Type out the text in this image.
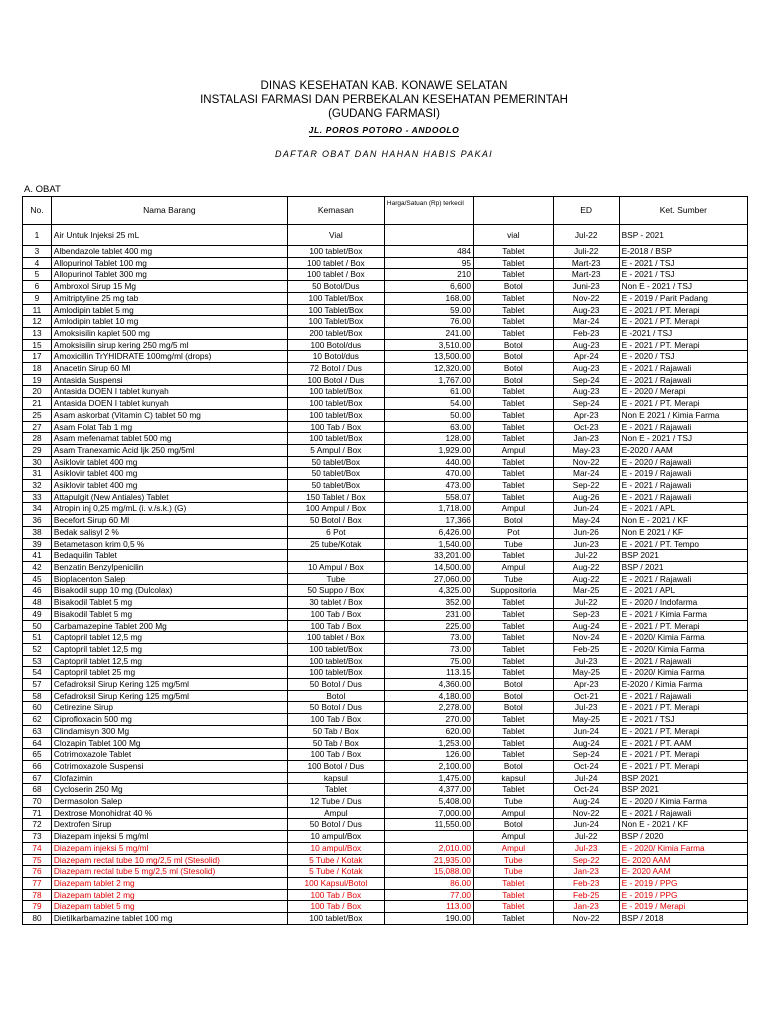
DINAS KESEHATAN KAB. KONAWE SELATAN
INSTALASI FARMASI DAN PERBEKALAN KESEHATAN PEMERINTAH
(GUDANG FARMASI)
JL. POROS POTORO - ANDOOLO
DAFTAR OBAT DAN HAHAN HABIS PAKAI
A. OBAT
No.	Nama Barang	Kemasan	Harga/Satuan (Rp) terkecil		ED	Ket. Sumber
1	Air Untuk Injeksi 25 mL	Vial		vial	Jul-22	BSP - 2021
3	Albendazole tablet 400 mg	100 tablet/Box	484	Tablet	Juli-22	E-2018 / BSP
4	Allopurinol Tablet 100 mg	100 tablet / Box	95	Tablet	Mart-23	E - 2021 / TSJ
5	Allopurinol Tablet 300 mg	100 tablet / Box	210	Tablet	Mart-23	E - 2021 / TSJ
6	Ambroxol Sirup 15 Mg	50 Botol/Dus	6,600	Botol	Juni-23	Non E - 2021 / TSJ
9	Amitriptyline 25 mg tab	100 Tablet/Box	168.00	Tablet	Nov-22	E - 2019 / Parit Padang
11	Amlodipin tablet 5 mg	100 Tablet/Box	59.00	Tablet	Aug-23	E - 2021 / PT. Merapi
12	Amlodipin tablet 10 mg	100 Tablet/Box	76.00	Tablet	Mar-24	E - 2021 / PT. Merapi
13	Amoksisilin kaplet 500 mg	200 tablet/Box	241.00	Tablet	Feb-23	E -2021 / TSJ
15	Amoksisilin sirup kering 250 mg/5 ml	100 Botol/dus	3,510.00	Botol	Aug-23	E - 2021 / PT. Merapi
17	Amoxicillin TrYHIDRATE 100mg/ml (drops)	10 Botol/dus	13,500.00	Botol	Apr-24	E - 2020 / TSJ
18	Anacetin Sirup 60 Ml	72 Botol / Dus	12,320.00	Botol	Aug-23	E - 2021 / Rajawali
19	Antasida Suspensi	100 Botol / Dus	1,767.00	Botol	Sep-24	E - 2021 / Rajawali
20	Antasida DOEN I tablet kunyah	100 tablet/Box	61.00	Tablet	Aug-23	E - 2020 / Merapi
21	Antasida DOEN I tablet kunyah	100 tablet/Box	54.00	Tablet	Sep-24	E - 2021 / PT. Merapi
25	Asam askorbat (Vitamin C) tablet 50 mg	100 tablet/Box	50.00	Tablet	Apr-23	Non E 2021 / Kimia Farma
27	Asam Folat Tab 1 mg	100 Tab / Box	63.00	Tablet	Oct-23	E - 2021 / Rajawali
28	Asam mefenamat tablet 500 mg	100 tablet/Box	128.00	Tablet	Jan-23	Non E - 2021 / TSJ
29	Asam Tranexamic Acid Ijk 250 mg/5ml	5 Ampul / Box	1,929.00	Ampul	May-23	E-2020 / AAM
30	Asiklovir tablet 400 mg	50 tablet/Box	440.00	Tablet	Nov-22	E - 2020 / Rajawali
31	Asiklovir tablet 400 mg	50 tablet/Box	470.00	Tablet	Mar-24	E - 2019 / Rajawali
32	Asiklovir tablet 400 mg	50 tablet/Box	473.00	Tablet	Sep-22	E - 2021 / Rajawali
33	Attapulgit (New Antiales) Tablet	150 Tablet / Box	558.07	Tablet	Aug-26	E - 2021 / Rajawali
34	Atropin inj 0,25 mg/mL (i. v./s.k.) (G)	100 Ampul / Box	1,718.00	Ampul	Jun-24	E - 2021 / APL
36	Becefort Sirup 60 Ml	50 Botol / Box	17,366	Botol	May-24	Non E - 2021 / KF
38	Bedak salisyl 2 %	6 Pot	6,426.00	Pot	Jun-26	Non E 2021 / KF
39	Betametason krim 0,5 %	25 tube/Kotak	1,540.00	Tube	Jun-23	E - 2021 / PT. Tempo
41	Bedaquilin Tablet		33,201.00	Tablet	Jul-22	BSP 2021
42	Benzatin Benzylpenicilin	10 Ampul / Box	14,500.00	Ampul	Aug-22	BSP / 2021
45	Bioplacenton Salep	Tube	27,060.00	Tube	Aug-22	E - 2021 / Rajawali
46	Bisakodil supp 10 mg (Dulcolax)	50 Suppo / Box	4,325.00	Suppositoria	Mar-25	E - 2021 / APL
48	Bisakodil Tablet 5 mg	30 tablet / Box	352.00	Tablet	Jul-22	E - 2020 / Indofarma
49	Bisakodil Tablet 5 mg	100 Tab / Box	231.00	Tablet	Sep-23	E - 2021 / Kimia Farma
50	Carbamazepine Tablet 200 Mg	100 Tab / Box	225.00	Tablet	Aug-24	E - 2021 / PT. Merapi
51	Captopril tablet 12,5 mg	100 tablet / Box	73.00	Tablet	Nov-24	E - 2020/ Kimia Farma
52	Captopril tablet 12,5 mg	100 tablet/Box	73.00	Tablet	Feb-25	E - 2020/ Kimia Farma
53	Captopril tablet 12,5 mg	100 tablet/Box	75.00	Tablet	Jul-23	E - 2021 / Rajawali
54	Captopril tablet 25 mg	100 tablet/Box	113.15	Tablet	May-25	E - 2020/ Kimia Farma
57	Cefadroksil Sirup Kering 125 mg/5ml	50 Botol / Dus	4,360.00	Botol	Apr-23	E-2020 / Kimia Farma
58	Cefadroksil Sirup Kering 125 mg/5ml	Botol	4,180.00	Botol	Oct-21	E - 2021 / Rajawali
60	Cetirezine Sirup	50 Botol / Dus	2,278.00	Botol	Jul-23	E - 2021 / PT. Merapi
62	Ciprofloxacin 500 mg	100 Tab / Box	270.00	Tablet	May-25	E - 2021 / TSJ
63	Clindamisyn 300 Mg	50 Tab / Box	620.00	Tablet	Jun-24	E - 2021 / PT. Merapi
64	Clozapin Tablet 100 Mg	50 Tab / Box	1,253.00	Tablet	Aug-24	E - 2021 / PT. AAM
65	Cotrimoxazole Tablet	100 Tab / Box	126.00	Tablet	Sep-24	E - 2021 / PT. Merapi
66	Cotrimoxazole Suspensi	100 Botol / Dus	2,100.00	Botol	Oct-24	E - 2021 / PT. Merapi
67	Clofazimin	kapsul	1,475.00	kapsul	Jul-24	BSP 2021
68	Cycloserin 250 Mg	Tablet	4,377.00	Tablet	Oct-24	BSP 2021
70	Dermasolon Salep	12 Tube / Dus	5,408.00	Tube	Aug-24	E - 2020 / Kimia Farma
71	Dextrose Monohidrat 40 %	Ampul	7,000.00	Ampul	Nov-22	E - 2021 / Rajawali
72	Dextrofen Sirup	50 Botol / Dus	11,550.00	Botol	Jun-24	Non E - 2021 / KF
73	Diazepam injeksi 5 mg/ml	10 ampul/Box		Ampul	Jul-22	BSP / 2020
74	Diazepam injeksi 5 mg/ml	10 ampul/Box	2,010.00	Ampul	Jul-23	E - 2020/ Kimia Farma
75	Diazepam rectal tube 10 mg/2,5 ml (Stesolid)	5 Tube / Kotak	21,935.00	Tube	Sep-22	E- 2020 AAM
76	Diazepam rectal tube 5 mg/2,5 ml (Stesolid)	5 Tube / Kotak	15,088.00	Tube	Jan-23	E- 2020 AAM
77	Diazepam tablet 2 mg	100 Kapsul/Botol	86.00	Tablet	Feb-23	E - 2019 / PPG
78	Diazepam tablet 2 mg	100 Tab / Box	77.00	Tablet	Feb-25	E - 2019 / PPG
79	Diazepam tablet 5 mg	100 Tab / Box	113.00	Tablet	Jan-23	E - 2019 / Merapi
80	Dietilkarbamazine tablet 100 mg	100 tablet/Box	190.00	Tablet	Nov-22	BSP / 2018
